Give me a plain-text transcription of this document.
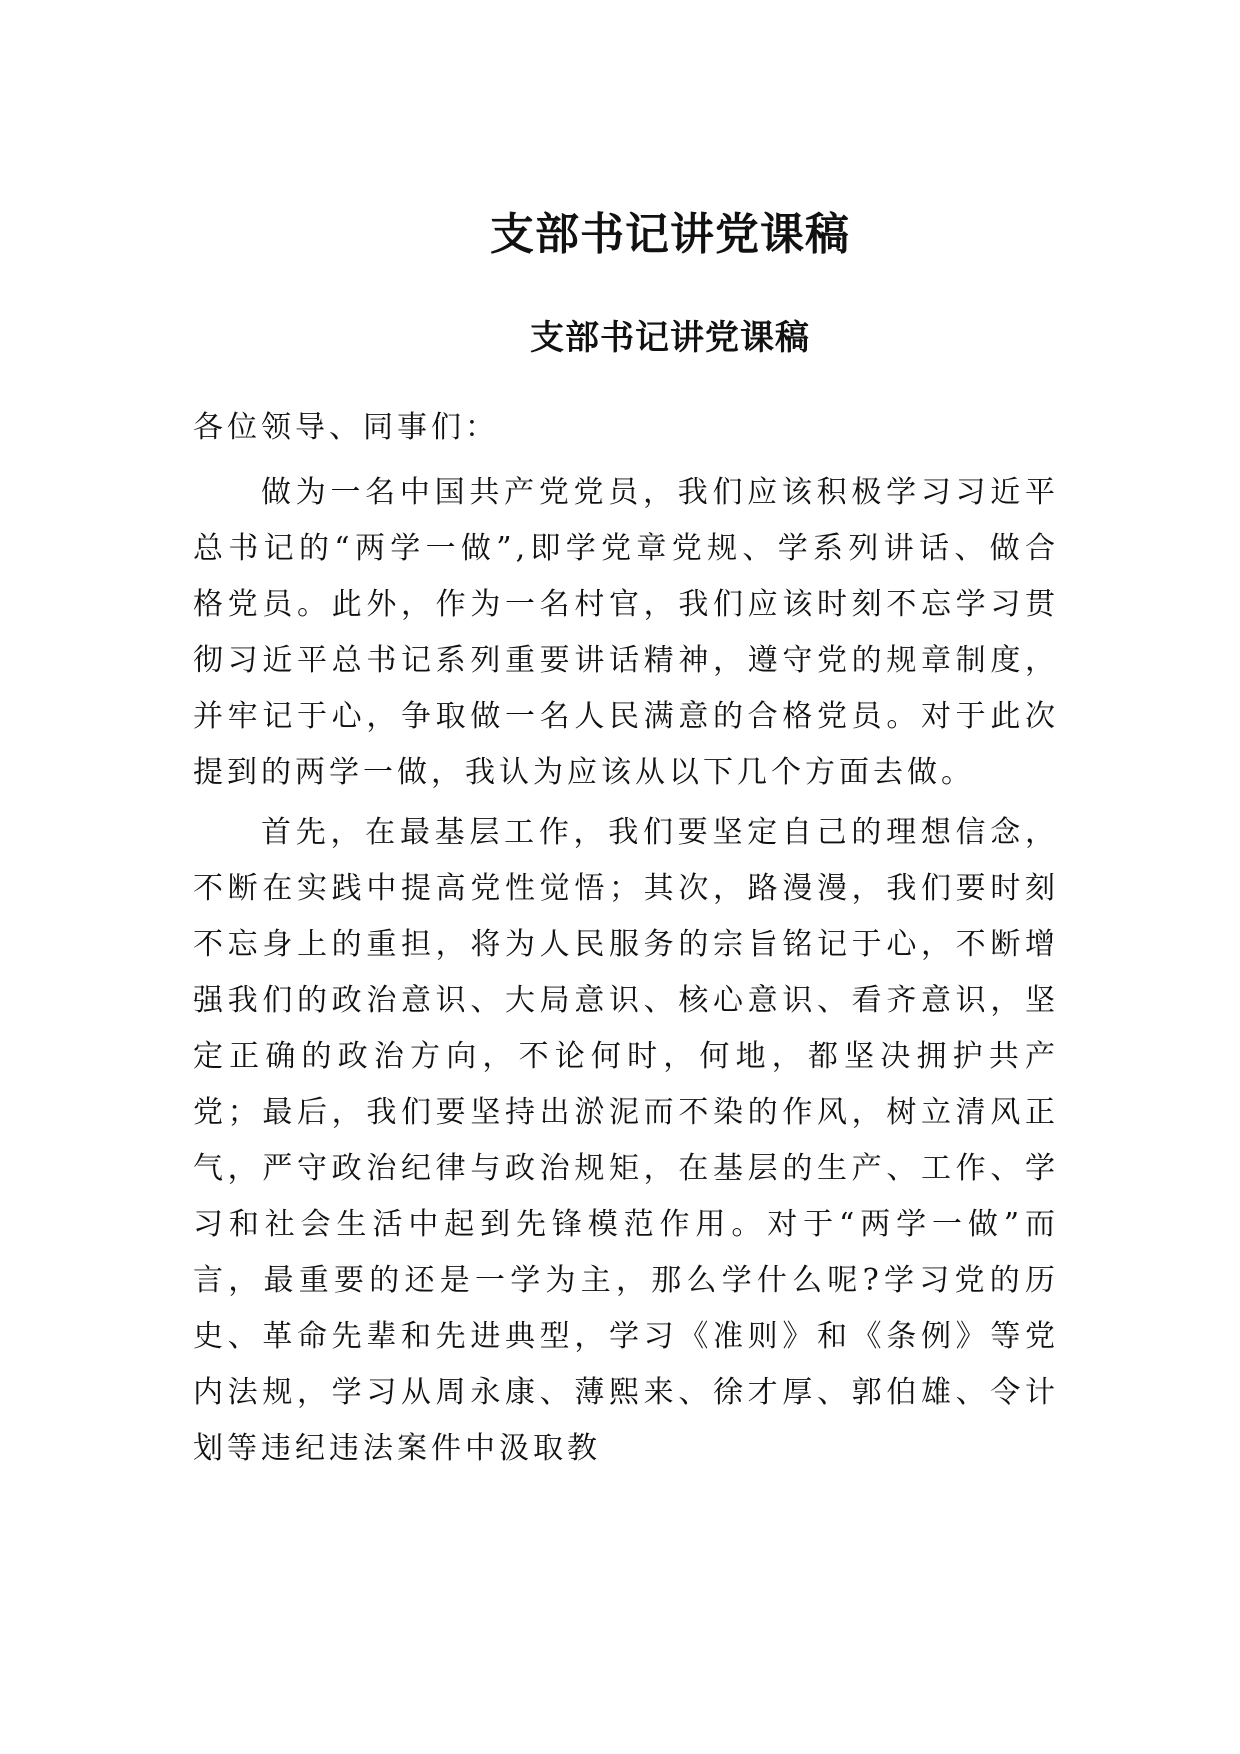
支部书记讲党课稿
支部书记讲党课稿

各位领导、同事们：

做为一名中国共产党党员，我们应该积极学习习近平总书记的“两学一做”,即学党章党规、学系列讲话、做合格党员。此外，作为一名村官，我们应该时刻不忘学习贯彻习近平总书记系列重要讲话精神，遵守党的规章制度，并牢记于心，争取做一名人民满意的合格党员。对于此次提到的两学一做，我认为应该从以下几个方面去做。

首先，在最基层工作，我们要坚定自己的理想信念，不断在实践中提高党性觉悟；其次，路漫漫，我们要时刻不忘身上的重担，将为人民服务的宗旨铭记于心，不断增强我们的政治意识、大局意识、核心意识、看齐意识，坚定正确的政治方向，不论何时，何地，都坚决拥护共产党；最后，我们要坚持出淤泥而不染的作风，树立清风正气，严守政治纪律与政治规矩，在基层的生产、工作、学习和社会生活中起到先锋模范作用。对于“两学一做”而言，最重要的还是一学为主，那么学什么呢?学习党的历史、革命先辈和先进典型，学习《准则》和《条例》等党内法规，学习从周永康、薄熙来、徐才厚、郭伯雄、令计划等违纪违法案件中汲取教
